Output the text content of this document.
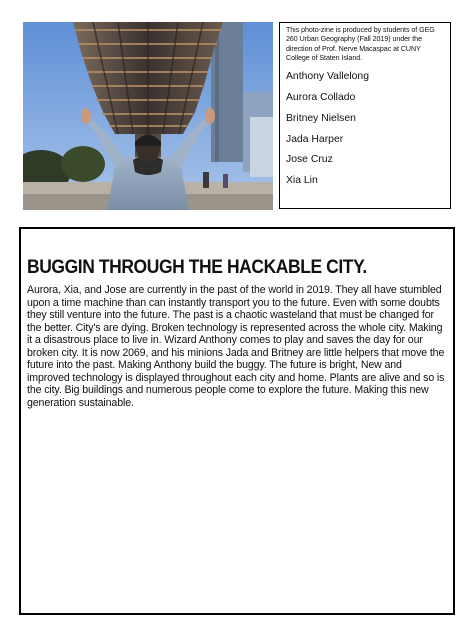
This photo-zine is produced by students of GEG 260 Urban Geography (Fall 2019) under the direction of Prof. Nerve Macaspac at CUNY College of Staten Island.

Anthony Vallelong
Aurora Collado
Britney Nielsen
Jada Harper
Jose Cruz
Xia Lin
BUGGIN THROUGH THE HACKABLE CITY.

Aurora, Xia, and Jose are currently in the past of the world in 2019. They all have stumbled upon a time machine than can instantly transport you to the future. Even with some doubts they still venture into the future. The past is a chaotic wasteland that must be changed for the better. City's are dying. Broken technology is represented across the whole city. Making it a disastrous place to live in. Wizard Anthony comes to play and saves the day for our broken city. It is now 2069, and his minions Jada and Britney are little helpers that move the future into the past. Making Anthony build the buggy. The future is bright, New and improved technology is displayed throughout each city and home. Plants are alive and so is the city. Big buildings and numerous people come to explore the future. Making this new generation sustainable.
